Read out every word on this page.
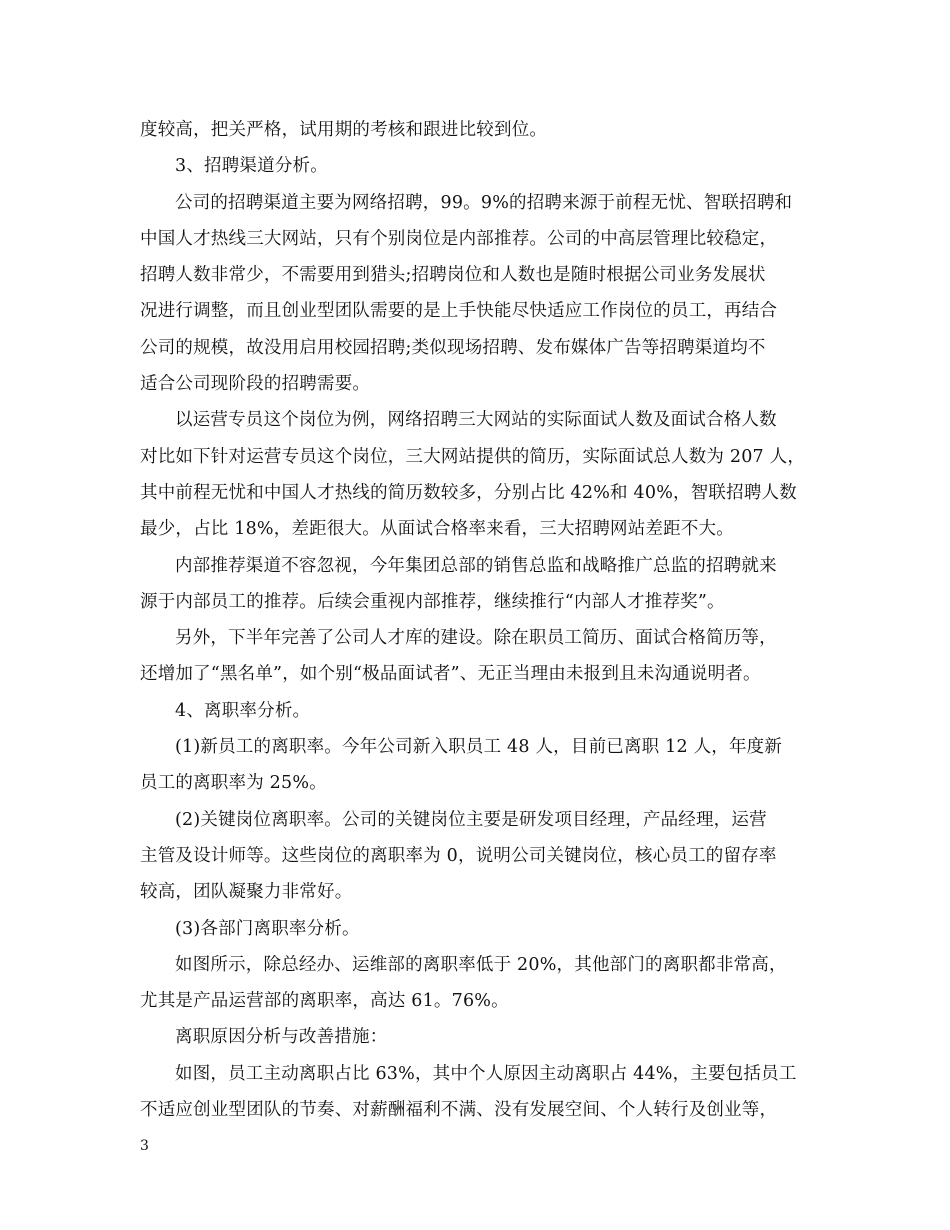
度较高，把关严格，试用期的考核和跟进比较到位。
3、招聘渠道分析。
公司的招聘渠道主要为网络招聘，99。9%的招聘来源于前程无忧、智联招聘和
中国人才热线三大网站，只有个别岗位是内部推荐。公司的中高层管理比较稳定，
招聘人数非常少，不需要用到猎头;招聘岗位和人数也是随时根据公司业务发展状
况进行调整，而且创业型团队需要的是上手快能尽快适应工作岗位的员工，再结合
公司的规模，故没用启用校园招聘;类似现场招聘、发布媒体广告等招聘渠道均不
适合公司现阶段的招聘需要。
以运营专员这个岗位为例，网络招聘三大网站的实际面试人数及面试合格人数
对比如下针对运营专员这个岗位，三大网站提供的简历，实际面试总人数为 207 人，
其中前程无忧和中国人才热线的简历数较多，分别占比 42%和 40%，智联招聘人数
最少，占比 18%，差距很大。从面试合格率来看，三大招聘网站差距不大。
内部推荐渠道不容忽视，今年集团总部的销售总监和战略推广总监的招聘就来
源于内部员工的推荐。后续会重视内部推荐，继续推行“内部人才推荐奖”。
另外，下半年完善了公司人才库的建设。除在职员工简历、面试合格简历等，
还增加了“黑名单”，如个别“极品面试者”、无正当理由未报到且未沟通说明者。
4、离职率分析。
(1)新员工的离职率。今年公司新入职员工 48 人，目前已离职 12 人，年度新
员工的离职率为 25%。
(2)关键岗位离职率。公司的关键岗位主要是研发项目经理，产品经理，运营
主管及设计师等。这些岗位的离职率为 0，说明公司关键岗位，核心员工的留存率
较高，团队凝聚力非常好。
(3)各部门离职率分析。
如图所示，除总经办、运维部的离职率低于 20%，其他部门的离职都非常高，
尤其是产品运营部的离职率，高达 61。76%。
离职原因分析与改善措施：
如图，员工主动离职占比 63%，其中个人原因主动离职占 44%，主要包括员工
不适应创业型团队的节奏、对薪酬福利不满、没有发展空间、个人转行及创业等，
3
